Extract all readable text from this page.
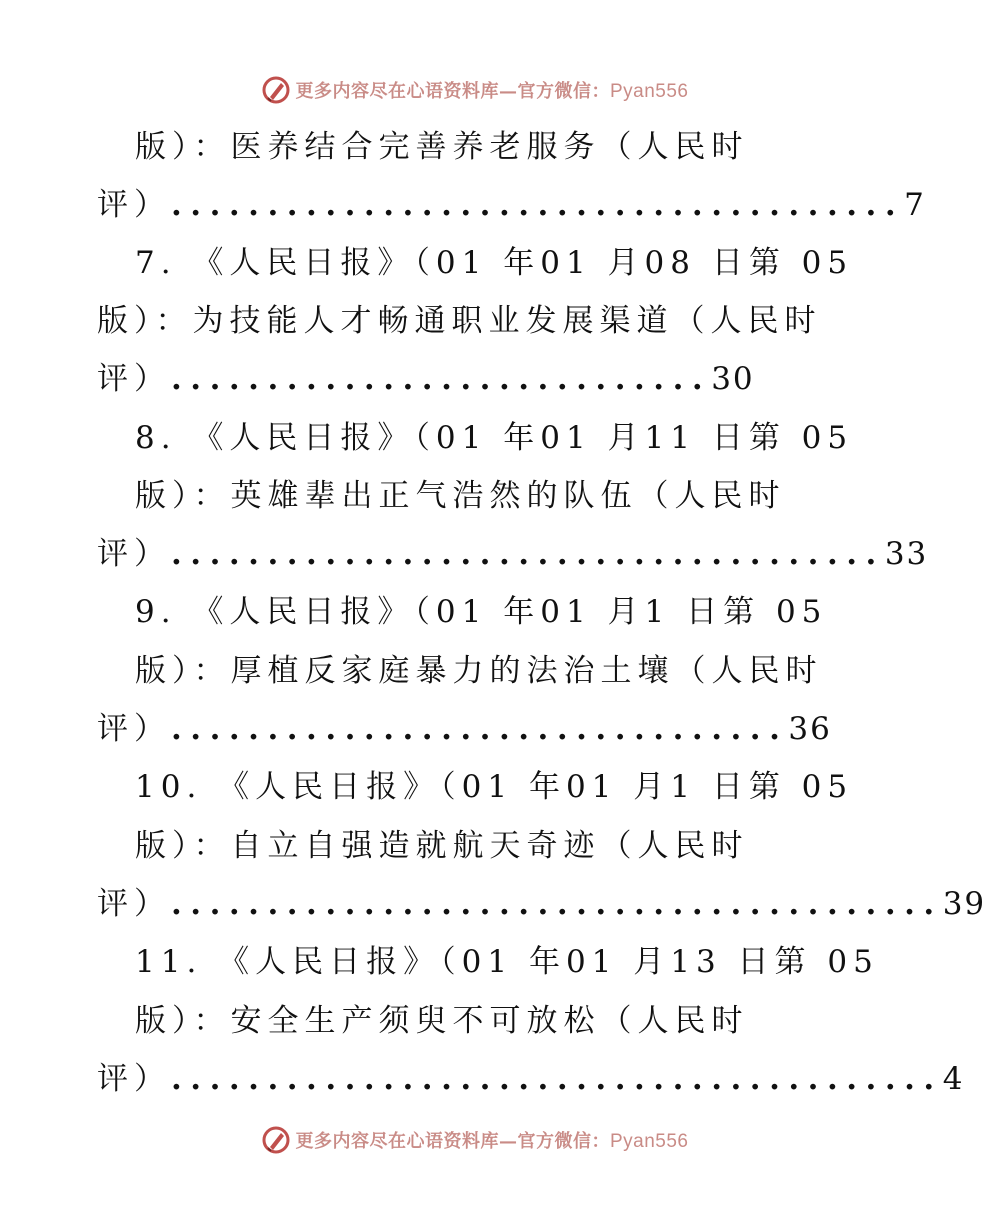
更多内容尽在心语资料库—官方微信：Pyan556
版）：医养结合完善养老服务（人民时
评）......................................7
7. 《人民日报》（01 年01 月08 日第 05
版）：为技能人才畅通职业发展渠道（人民时
评）............................30
8. 《人民日报》（01 年01 月11 日第 05
版）：英雄辈出正气浩然的队伍（人民时
评）.....................................33
9. 《人民日报》（01 年01 月1 日第 05
版）：厚植反家庭暴力的法治土壤（人民时
评）................................36
10. 《人民日报》（01 年01 月1 日第 05
版）：自立自强造就航天奇迹（人民时
评）........................................39
11. 《人民日报》（01 年01 月13 日第 05
版）：安全生产须臾不可放松（人民时
评）........................................4
更多内容尽在心语资料库—官方微信：Pyan556
